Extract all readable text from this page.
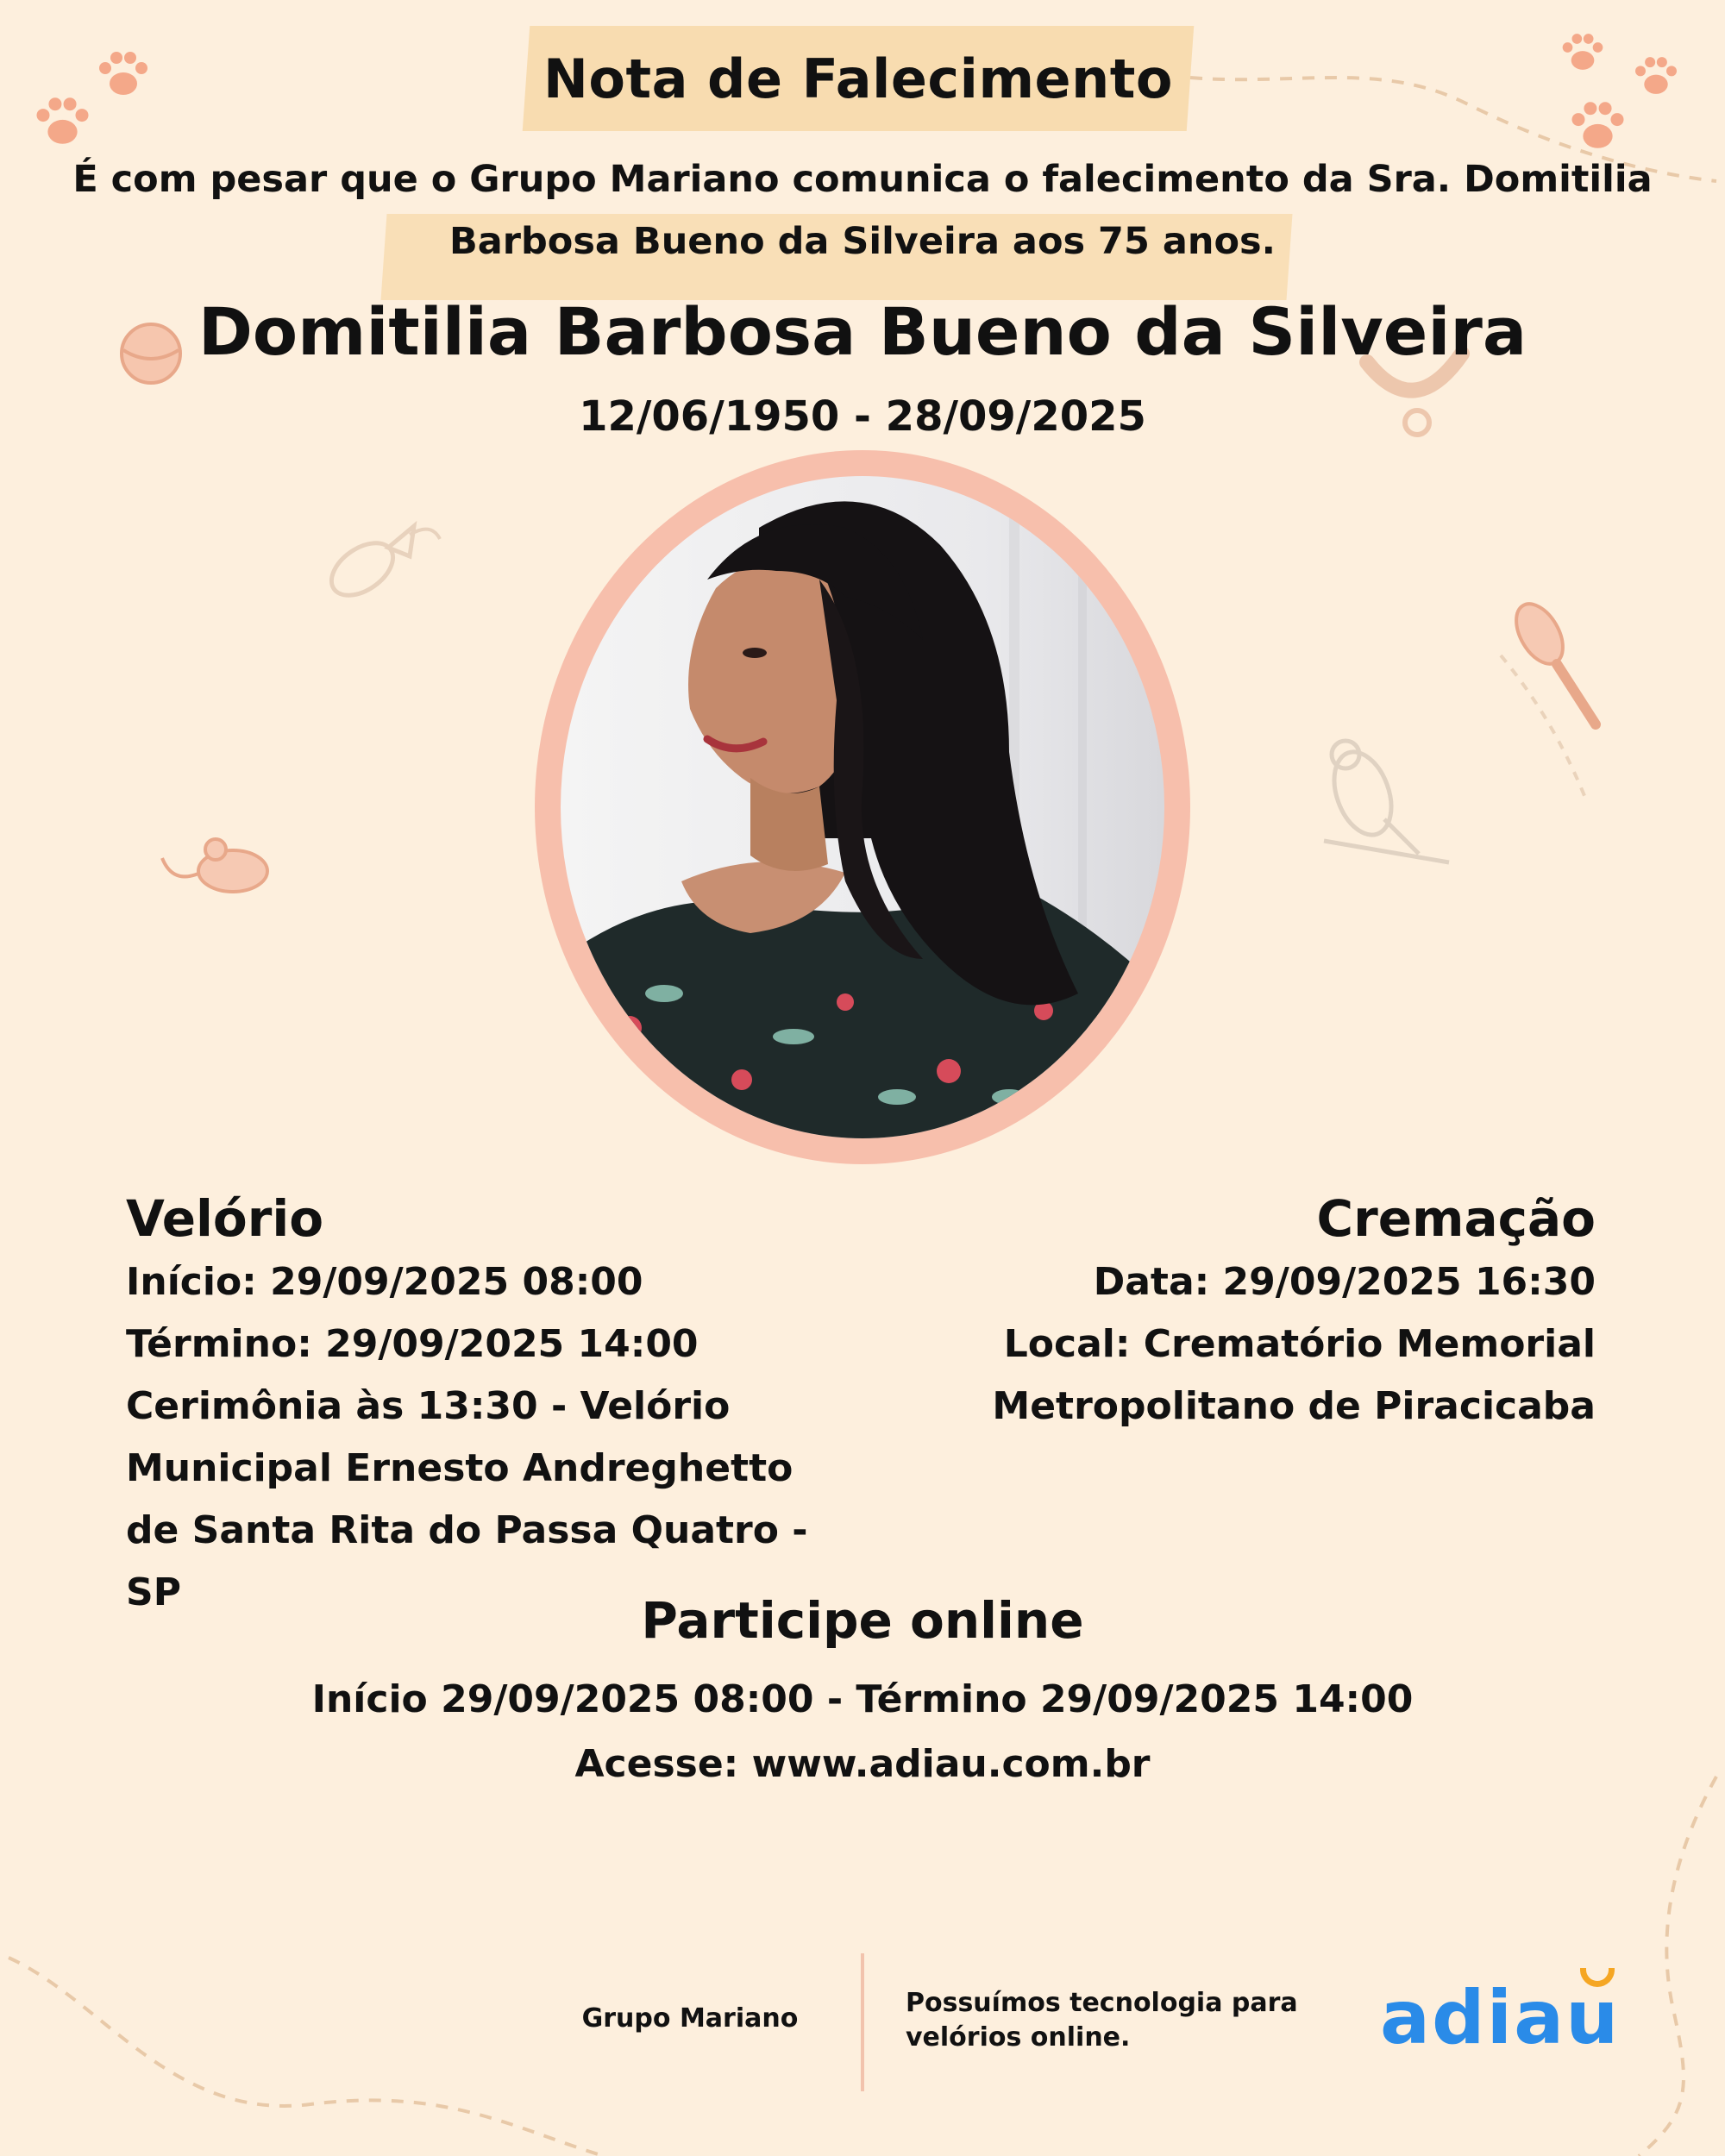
Nota de Falecimento
É com pesar que o Grupo Mariano comunica o falecimento da Sra. Domitilia
Barbosa Bueno da Silveira aos 75 anos.
Domitilia Barbosa Bueno da Silveira
12/06/1950 - 28/09/2025
Velório
Início: 29/09/2025 08:00
Término: 29/09/2025 14:00
Cerimônia às 13:30 - Velório
Municipal Ernesto Andreghetto
de Santa Rita do Passa Quatro -
SP
Cremação
Data: 29/09/2025 16:30
Local: Crematório Memorial
Metropolitano de Piracicaba
Participe online
Início 29/09/2025 08:00 - Término 29/09/2025 14:00
Acesse: www.adiau.com.br
Grupo Mariano
Possuímos tecnologia para
velórios online.	adiau
